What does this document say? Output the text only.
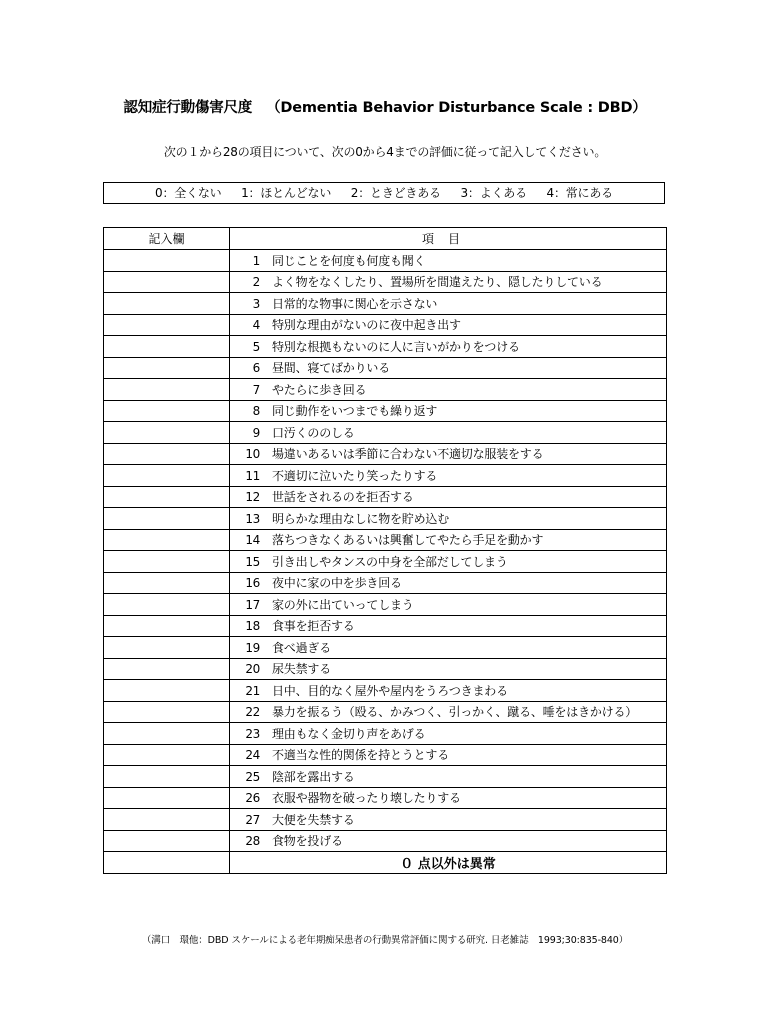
認知症行動傷害尺度 （Dementia Behavior Disturbance Scale : DBD）
次の１から28の項目について、次の0から4までの評価に従って記入してください。
0：全くない 1：ほとんどない 2：ときどきある 3：よくある 4：常にある
記入欄	項目
	1 同じことを何度も何度も聞く
	2 よく物をなくしたり、置場所を間違えたり、隠したりしている
	3 日常的な物事に関心を示さない
	4 特別な理由がないのに夜中起き出す
	5 特別な根拠もないのに人に言いがかりをつける
	6 昼間、寝てばかりいる
	7 やたらに歩き回る
	8 同じ動作をいつまでも繰り返す
	9 口汚くののしる
	10 場違いあるいは季節に合わない不適切な服装をする
	11 不適切に泣いたり笑ったりする
	12 世話をされるのを拒否する
	13 明らかな理由なしに物を貯め込む
	14 落ちつきなくあるいは興奮してやたら手足を動かす
	15 引き出しやタンスの中身を全部だしてしまう
	16 夜中に家の中を歩き回る
	17 家の外に出ていってしまう
	18 食事を拒否する
	19 食べ過ぎる
	20 尿失禁する
	21 日中、目的なく屋外や屋内をうろつきまわる
	22 暴力を振るう（殴る、かみつく、引っかく、蹴る、唾をはきかける）
	23 理由もなく金切り声をあげる
	24 不適当な性的関係を持とうとする
	25 陰部を露出する
	26 衣服や器物を破ったり壊したりする
	27 大便を失禁する
	28 食物を投げる
	０ 点以外は異常
（溝口　環他：DBD スケールによる老年期痴呆患者の行動異常評価に関する研究. 日老雑誌　1993;30:835-840）
